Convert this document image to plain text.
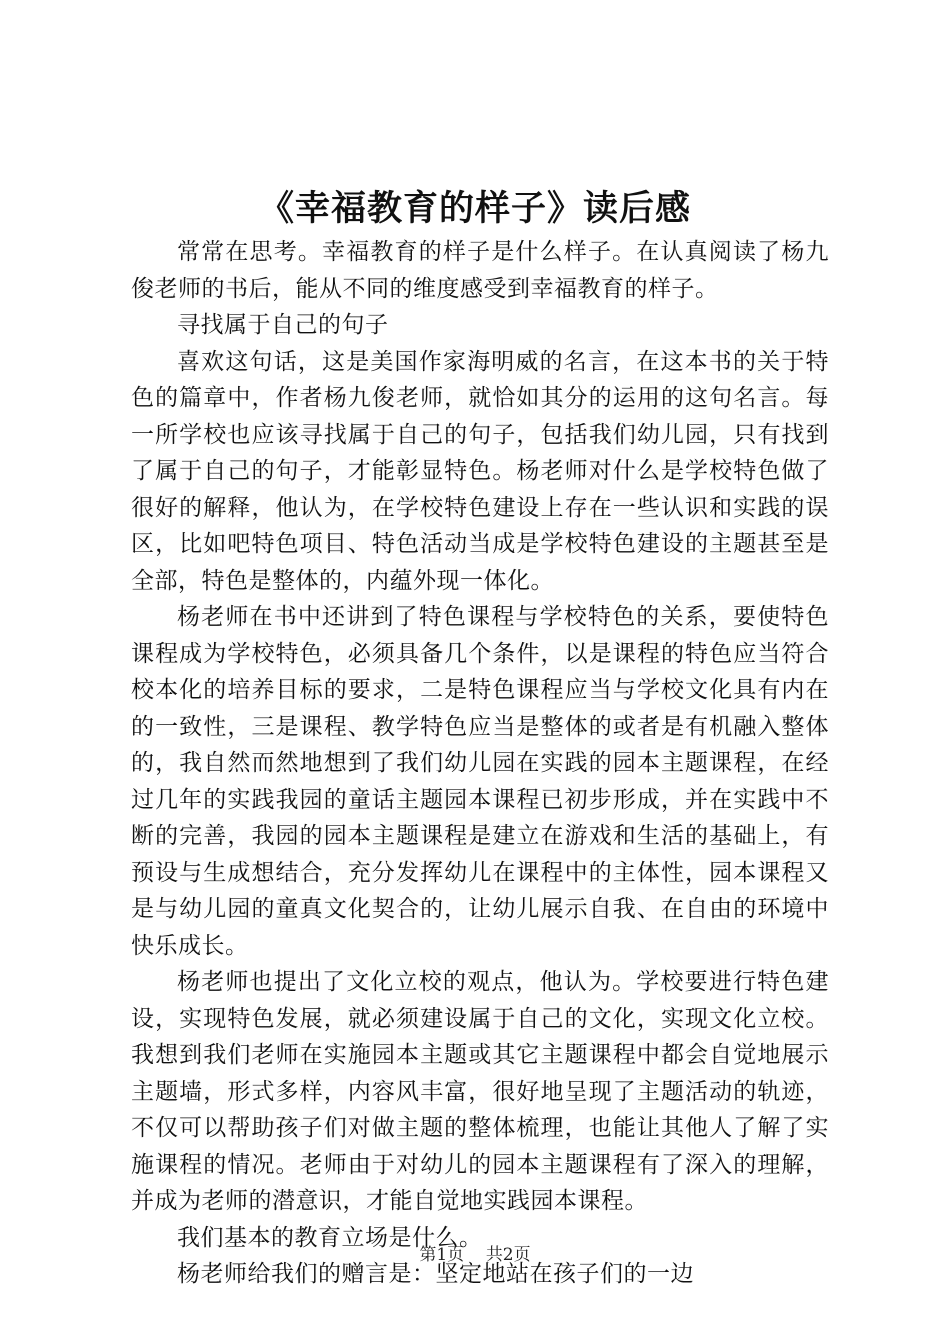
《幸福教育的样子》读后感

常常在思考。幸福教育的样子是什么样子。在认真阅读了杨九俊老师的书后，能从不同的维度感受到幸福教育的样子。

寻找属于自己的句子

喜欢这句话，这是美国作家海明威的名言，在这本书的关于特色的篇章中，作者杨九俊老师，就恰如其分的运用的这句名言。每一所学校也应该寻找属于自己的句子，包括我们幼儿园，只有找到了属于自己的句子，才能彰显特色。杨老师对什么是学校特色做了很好的解释，他认为，在学校特色建设上存在一些认识和实践的误区，比如吧特色项目、特色活动当成是学校特色建设的主题甚至是全部，特色是整体的，内蕴外现一体化。

杨老师在书中还讲到了特色课程与学校特色的关系，要使特色课程成为学校特色，必须具备几个条件，以是课程的特色应当符合校本化的培养目标的要求，二是特色课程应当与学校文化具有内在的一致性，三是课程、教学特色应当是整体的或者是有机融入整体的，我自然而然地想到了我们幼儿园在实践的园本主题课程，在经过几年的实践我园的童话主题园本课程已初步形成，并在实践中不断的完善，我园的园本主题课程是建立在游戏和生活的基础上，有预设与生成想结合，充分发挥幼儿在课程中的主体性，园本课程又是与幼儿园的童真文化契合的，让幼儿展示自我、在自由的环境中快乐成长。

杨老师也提出了文化立校的观点，他认为。学校要进行特色建设，实现特色发展，就必须建设属于自己的文化，实现文化立校。我想到我们老师在实施园本主题或其它主题课程中都会自觉地展示主题墙，形式多样，内容风丰富，很好地呈现了主题活动的轨迹，不仅可以帮助孩子们对做主题的整体梳理，也能让其他人了解了实施课程的情况。老师由于对幼儿的园本主题课程有了深入的理解，并成为老师的潜意识，才能自觉地实践园本课程。

我们基本的教育立场是什么。

杨老师给我们的赠言是：坚定地站在孩子们的一边

第1页 共2页
